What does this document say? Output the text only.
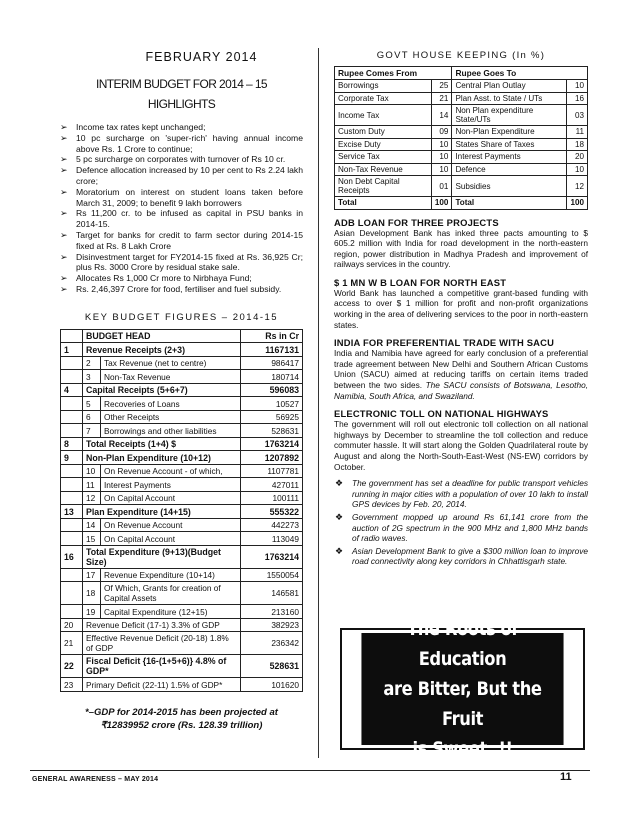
FEBRUARY 2014
INTERIM BUDGET FOR 2014 – 15
HIGHLIGHTS
➢ Income tax rates kept unchanged;
➢ 10 pc surcharge on 'super-rich' having annual income above Rs. 1 Crore to continue;
➢ 5 pc surcharge on corporates with turnover of Rs 10 cr.
➢ Defence allocation increased by 10 per cent to Rs 2.24 lakh crore;
➢ Moratorium on interest on student loans taken before March 31, 2009; to benefit 9 lakh borrowers
➢ Rs 11,200 cr. to be infused as capital in PSU banks in 2014-15.
➢ Target for banks for credit to farm sector during 2014-15 fixed at Rs. 8 Lakh Crore
➢ Disinvestment target for FY2014-15 fixed at Rs. 36,925 Cr; plus Rs. 3000 Crore by residual stake sale.
➢ Allocates Rs 1,000 Cr more to Nirbhaya Fund;
➢ Rs. 2,46,397 Crore for food, fertiliser and fuel subsidy.
KEY BUDGET FIGURES – 2014-15
	BUDGET HEAD		Rs in Cr
1	Revenue Receipts (2+3)		1167131
	2	Tax Revenue (net to centre)	986417
	3	Non-Tax Revenue	180714
4	Capital Receipts (5+6+7)		596083
	5	Recoveries of Loans	10527
	6	Other Receipts	56925
	7	Borrowings and other liabilities	528631
8	Total Receipts (1+4) $		1763214
9	Non-Plan Expenditure (10+12)		1207892
	10	On Revenue Account - of which,	1107781
	11	Interest Payments	427011
	12	On Capital Account	100111
13	Plan Expenditure (14+15)		555322
	14	On Revenue Account	442273
	15	On Capital Account	113049
16	Total Expenditure (9+13)(Budget Size)		1763214
	17	Revenue Expenditure (10+14)	1550054
	18	Of Which, Grants for creation of Capital Assets	146581
	19	Capital Expenditure (12+15)	213160
20	Revenue Deficit (17-1) 3.3% of GDP		382923
21	Effective Revenue Deficit (20-18) 1.8% of GDP		236342
22	Fiscal Deficit {16-(1+5+6)} 4.8% of GDP*		528631
23	Primary Deficit (22-11) 1.5% of GDP*		101620
*–GDP for 2014-2015 has been projected at
₹12839952 crore (Rs. 128.39 trillion)
GOVT HOUSE KEEPING (In %)
Rupee Comes From		Rupee Goes To	
Borrowings	25	Central Plan Outlay	10
Corporate Tax	21	Plan Asst. to State / UTs	16
Income Tax	14	Non Plan expenditure State/UTs	03
Custom Duty	09	Non-Plan Expenditure	11
Excise Duty	10	States Share of Taxes	18
Service Tax	10	Interest Payments	20
Non-Tax Revenue	10	Defence	10
Non Debt Capital Receipts	01	Subsidies	12
Total	100	Total	100
ADB LOAN FOR THREE PROJECTS
Asian Development Bank has inked three pacts amounting to $ 605.2 million with India for road development in the north-eastern region, power distribution in Madhya Pradesh and improvement of railways services in the country.
$ 1 MN W B LOAN FOR NORTH EAST
World Bank has launched a competitive grant-based funding with access to over $ 1 million for profit and non-profit organizations working in the area of delivering services to the poor in north-eastern states.
INDIA FOR PREFERENTIAL TRADE WITH SACU
India and Namibia have agreed for early conclusion of a preferential trade agreement between New Delhi and Southern African Customs Union (SACU) aimed at reducing tariffs on certain items traded between the two sides. The SACU consists of Botswana, Lesotho, Namibia, South Africa, and Swaziland.
ELECTRONIC TOLL ON NATIONAL HIGHWAYS
The government will roll out electronic toll collection on all national highways by December to streamline the toll collection and reduce commuter hassle. It will start along the Golden Quadrilateral route by August and along the North-South-East-West (NS-EW) corridors by October.
❖ The government has set a deadline for public transport vehicles running in major cities with a population of over 10 lakh to install GPS devices by Feb. 20, 2014.
❖ Government mopped up around Rs 61,141 crore from the auction of 2G spectrum in the 900 MHz and 1,800 MHz bands of radio waves.
❖ Asian Development Bank to give a $300 million loan to improve road connectivity along key corridors in Chhattisgarh state.
The Roots of Education
are Bitter, But the Fruit
is Sweet..!!
GENERAL AWARENESS – MAY 2014	11
